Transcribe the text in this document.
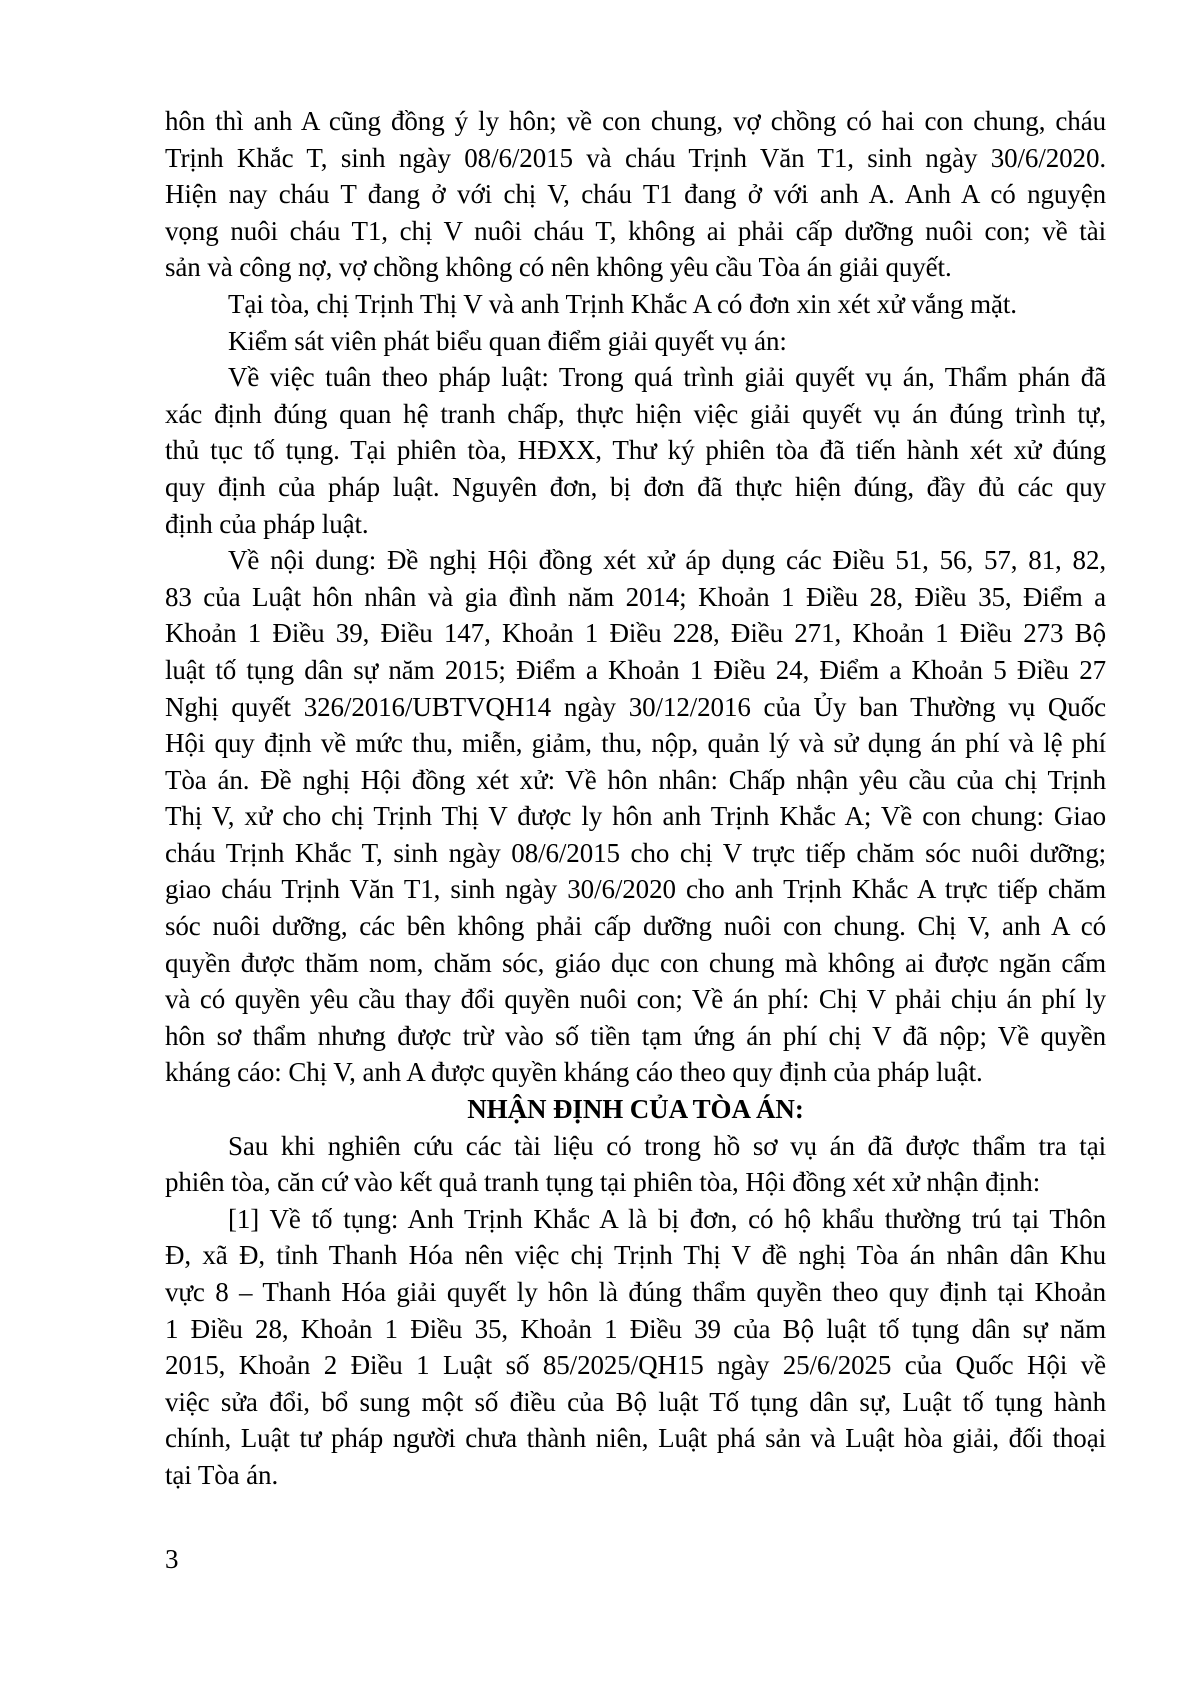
hôn thì anh A cũng đồng ý ly hôn; về con chung, vợ chồng có hai con chung, cháu
Trịnh Khắc T, sinh ngày 08/6/2015 và cháu Trịnh Văn T1, sinh ngày 30/6/2020.
Hiện nay cháu T đang ở với chị V, cháu T1 đang ở với anh A. Anh A có nguyện
vọng nuôi cháu T1, chị V nuôi cháu T, không ai phải cấp dưỡng nuôi con; về tài
sản và công nợ, vợ chồng không có nên không yêu cầu Tòa án giải quyết.
Tại tòa, chị Trịnh Thị V và anh Trịnh Khắc A có đơn xin xét xử vắng mặt.
Kiểm sát viên phát biểu quan điểm giải quyết vụ án:
Về việc tuân theo pháp luật: Trong quá trình giải quyết vụ án, Thẩm phán đã
xác định đúng quan hệ tranh chấp, thực hiện việc giải quyết vụ án đúng trình tự,
thủ tục tố tụng. Tại phiên tòa, HĐXX, Thư ký phiên tòa đã tiến hành xét xử đúng
quy định của pháp luật. Nguyên đơn, bị đơn đã thực hiện đúng, đầy đủ các quy
định của pháp luật.
Về nội dung: Đề nghị Hội đồng xét xử áp dụng các Điều 51, 56, 57, 81, 82,
83 của Luật hôn nhân và gia đình năm 2014; Khoản 1 Điều 28, Điều 35, Điểm a
Khoản 1 Điều 39, Điều 147, Khoản 1 Điều 228, Điều 271, Khoản 1 Điều 273 Bộ
luật tố tụng dân sự năm 2015; Điểm a Khoản 1 Điều 24, Điểm a Khoản 5 Điều 27
Nghị quyết 326/2016/UBTVQH14 ngày 30/12/2016 của Ủy ban Thường vụ Quốc
Hội quy định về mức thu, miễn, giảm, thu, nộp, quản lý và sử dụng án phí và lệ phí
Tòa án. Đề nghị Hội đồng xét xử: Về hôn nhân: Chấp nhận yêu cầu của chị Trịnh
Thị V, xử cho chị Trịnh Thị V được ly hôn anh Trịnh Khắc A; Về con chung: Giao
cháu Trịnh Khắc T, sinh ngày 08/6/2015 cho chị V trực tiếp chăm sóc nuôi dưỡng;
giao cháu Trịnh Văn T1, sinh ngày 30/6/2020 cho anh Trịnh Khắc A trực tiếp chăm
sóc nuôi dưỡng, các bên không phải cấp dưỡng nuôi con chung. Chị V, anh A có
quyền được thăm nom, chăm sóc, giáo dục con chung mà không ai được ngăn cấm
và có quyền yêu cầu thay đổi quyền nuôi con; Về án phí: Chị V phải chịu án phí ly
hôn sơ thẩm nhưng được trừ vào số tiền tạm ứng án phí chị V đã nộp; Về quyền
kháng cáo: Chị V, anh A được quyền kháng cáo theo quy định của pháp luật.
NHẬN ĐỊNH CỦA TÒA ÁN:
Sau khi nghiên cứu các tài liệu có trong hồ sơ vụ án đã được thẩm tra tại
phiên tòa, căn cứ vào kết quả tranh tụng tại phiên tòa, Hội đồng xét xử nhận định:
[1] Về tố tụng: Anh Trịnh Khắc A là bị đơn, có hộ khẩu thường trú tại Thôn
Đ, xã Đ, tỉnh Thanh Hóa nên việc chị Trịnh Thị V đề nghị Tòa án nhân dân Khu
vực 8 – Thanh Hóa giải quyết ly hôn là đúng thẩm quyền theo quy định tại Khoản
1 Điều 28, Khoản 1 Điều 35, Khoản 1 Điều 39 của Bộ luật tố tụng dân sự năm
2015, Khoản 2 Điều 1 Luật số 85/2025/QH15 ngày 25/6/2025 của Quốc Hội về
việc sửa đổi, bổ sung một số điều của Bộ luật Tố tụng dân sự, Luật tố tụng hành
chính, Luật tư pháp người chưa thành niên, Luật phá sản và Luật hòa giải, đối thoại
tại Tòa án.
3
